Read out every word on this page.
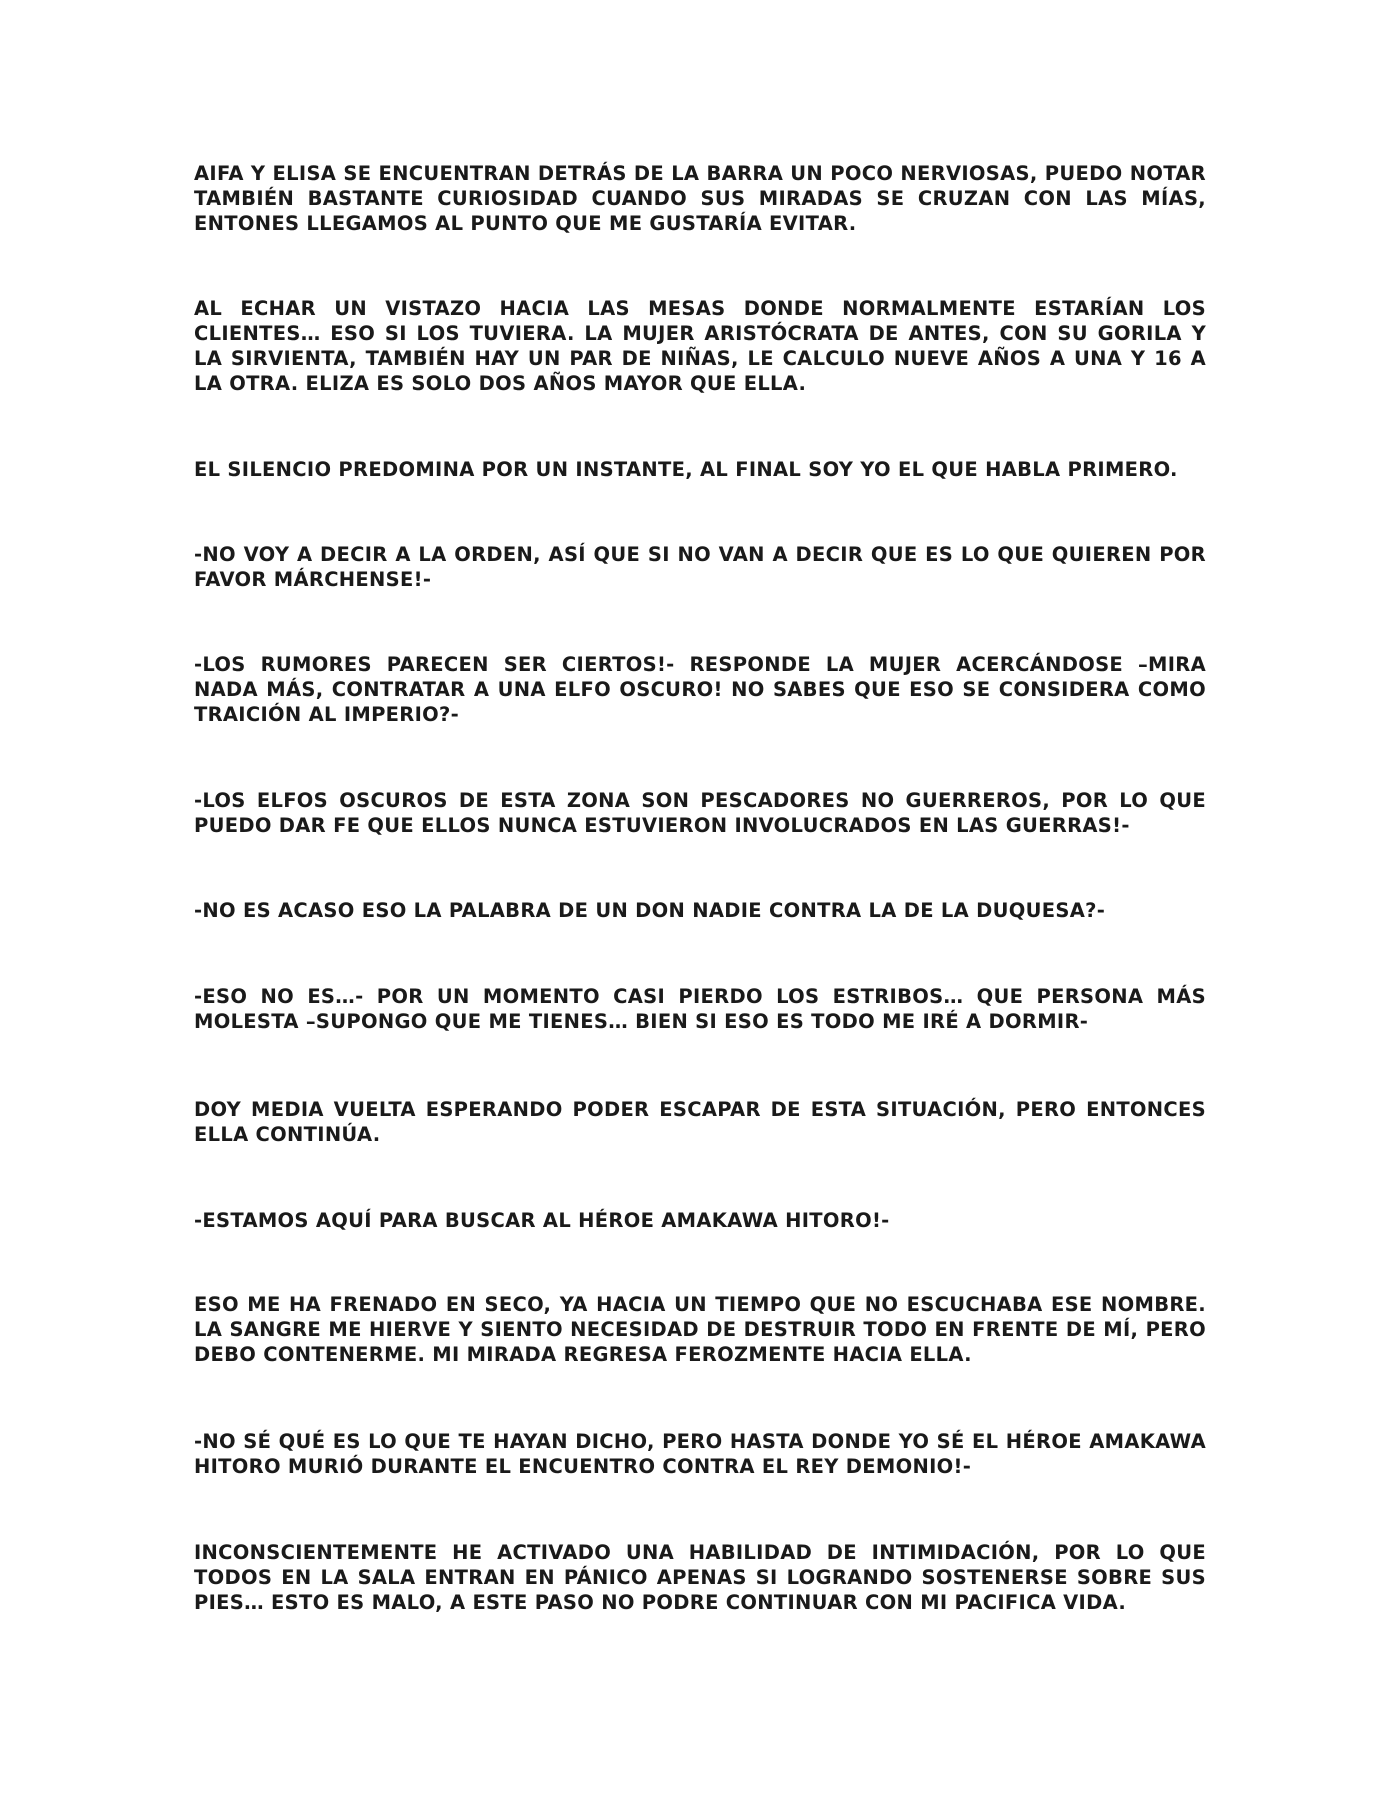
AIFA Y ELISA SE ENCUENTRAN DETRÁS DE LA BARRA UN POCO NERVIOSAS, PUEDO NOTAR TAMBIÉN BASTANTE CURIOSIDAD CUANDO SUS MIRADAS SE CRUZAN CON LAS MÍAS, ENTONES LLEGAMOS AL PUNTO QUE ME GUSTARÍA EVITAR.

AL ECHAR UN VISTAZO HACIA LAS MESAS DONDE NORMALMENTE ESTARÍAN LOS CLIENTES… ESO SI LOS TUVIERA. LA MUJER ARISTÓCRATA DE ANTES, CON SU GORILA Y LA SIRVIENTA, TAMBIÉN HAY UN PAR DE NIÑAS, LE CALCULO NUEVE AÑOS A UNA Y 16 A LA OTRA. ELIZA ES SOLO DOS AÑOS MAYOR QUE ELLA.

EL SILENCIO PREDOMINA POR UN INSTANTE, AL FINAL SOY YO EL QUE HABLA PRIMERO.

-NO VOY A DECIR A LA ORDEN, ASÍ QUE SI NO VAN A DECIR QUE ES LO QUE QUIEREN POR FAVOR MÁRCHENSE!-

-LOS RUMORES PARECEN SER CIERTOS!- RESPONDE LA MUJER ACERCÁNDOSE –MIRA NADA MÁS, CONTRATAR A UNA ELFO OSCURO! NO SABES QUE ESO SE CONSIDERA COMO TRAICIÓN AL IMPERIO?-

-LOS ELFOS OSCUROS DE ESTA ZONA SON PESCADORES NO GUERREROS, POR LO QUE PUEDO DAR FE QUE ELLOS NUNCA ESTUVIERON INVOLUCRADOS EN LAS GUERRAS!-

-NO ES ACASO ESO LA PALABRA DE UN DON NADIE CONTRA LA DE LA DUQUESA?-

-ESO NO ES…- POR UN MOMENTO CASI PIERDO LOS ESTRIBOS… QUE PERSONA MÁS MOLESTA –SUPONGO QUE ME TIENES… BIEN SI ESO ES TODO ME IRÉ A DORMIR-

DOY MEDIA VUELTA ESPERANDO PODER ESCAPAR DE ESTA SITUACIÓN, PERO ENTONCES ELLA CONTINÚA.

-ESTAMOS AQUÍ PARA BUSCAR AL HÉROE AMAKAWA HITORO!-

ESO ME HA FRENADO EN SECO, YA HACIA UN TIEMPO QUE NO ESCUCHABA ESE NOMBRE. LA SANGRE ME HIERVE Y SIENTO NECESIDAD DE DESTRUIR TODO EN FRENTE DE MÍ, PERO DEBO CONTENERME. MI MIRADA REGRESA FEROZMENTE HACIA ELLA.

-NO SÉ QUÉ ES LO QUE TE HAYAN DICHO, PERO HASTA DONDE YO SÉ EL HÉROE AMAKAWA HITORO MURIÓ DURANTE EL ENCUENTRO CONTRA EL REY DEMONIO!-

INCONSCIENTEMENTE HE ACTIVADO UNA HABILIDAD DE INTIMIDACIÓN, POR LO QUE TODOS EN LA SALA ENTRAN EN PÁNICO APENAS SI LOGRANDO SOSTENERSE SOBRE SUS PIES… ESTO ES MALO, A ESTE PASO NO PODRE CONTINUAR CON MI PACIFICA VIDA.
